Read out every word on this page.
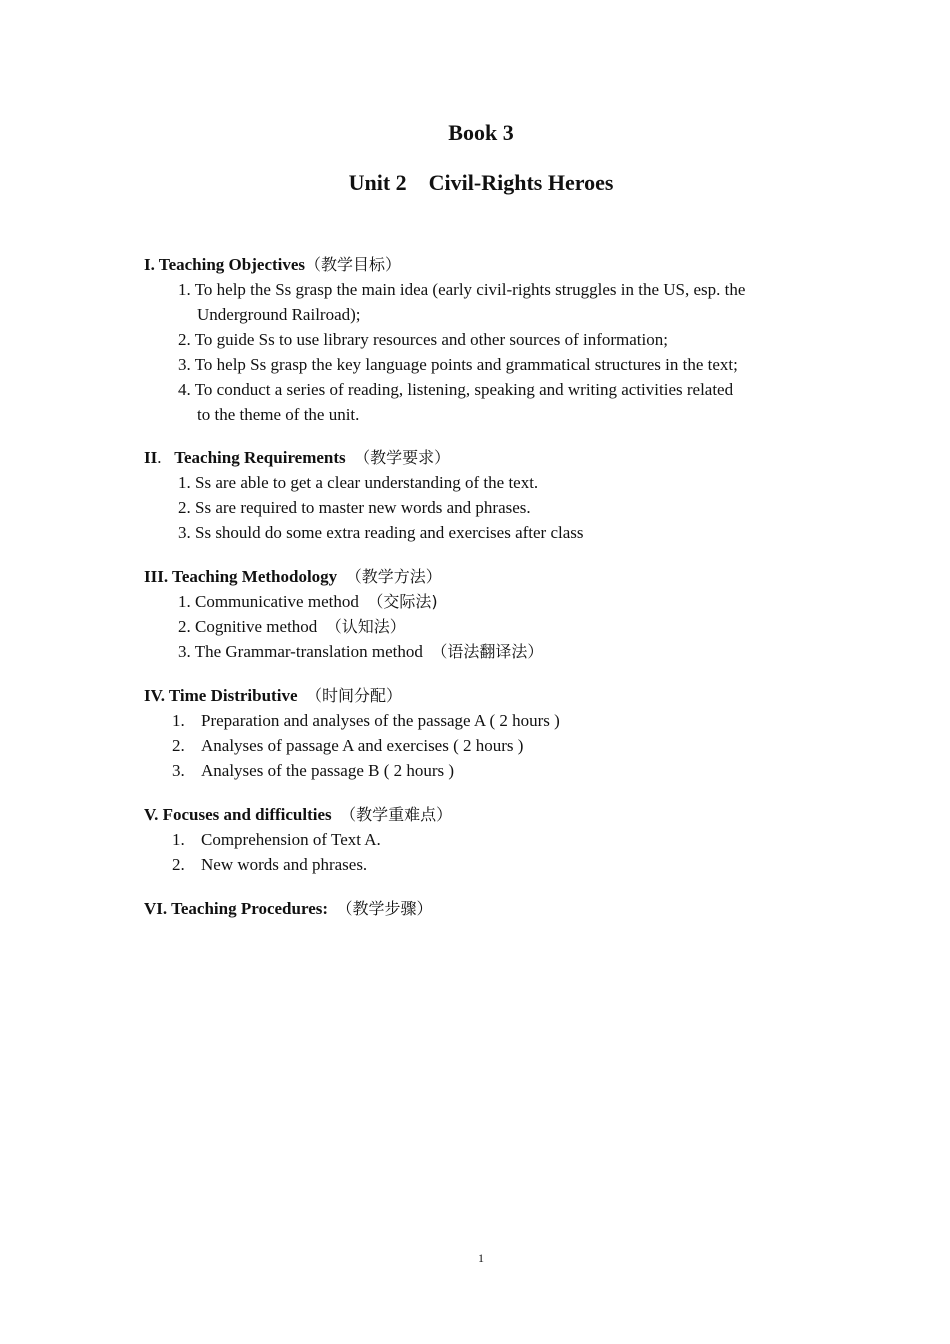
Book 3
Unit 2    Civil-Rights Heroes
I. Teaching Objectives（教学目标）
1. To help the Ss grasp the main idea (early civil-rights struggles in the US, esp. the
Underground Railroad);
2. To guide Ss to use library resources and other sources of information;
3. To help Ss grasp the key language points and grammatical structures in the text;
4. To conduct a series of reading, listening, speaking and writing activities related
to the theme of the unit.
II. Teaching Requirements （教学要求）
1. Ss are able to get a clear understanding of the text.
2. Ss are required to master new words and phrases.
3. Ss should do some extra reading and exercises after class
III. Teaching Methodology （教学方法）
1. Communicative method （交际法)
2. Cognitive method （认知法）
3. The Grammar-translation method （语法翻译法）
IV. Time Distributive （时间分配）
1. Preparation and analyses of the passage A ( 2 hours )
2. Analyses of passage A and exercises ( 2 hours )
3. Analyses of the passage B ( 2 hours )
V. Focuses and difficulties （教学重难点）
1. Comprehension of Text A.
2. New words and phrases.
VI. Teaching Procedures: （教学步骤）
1
